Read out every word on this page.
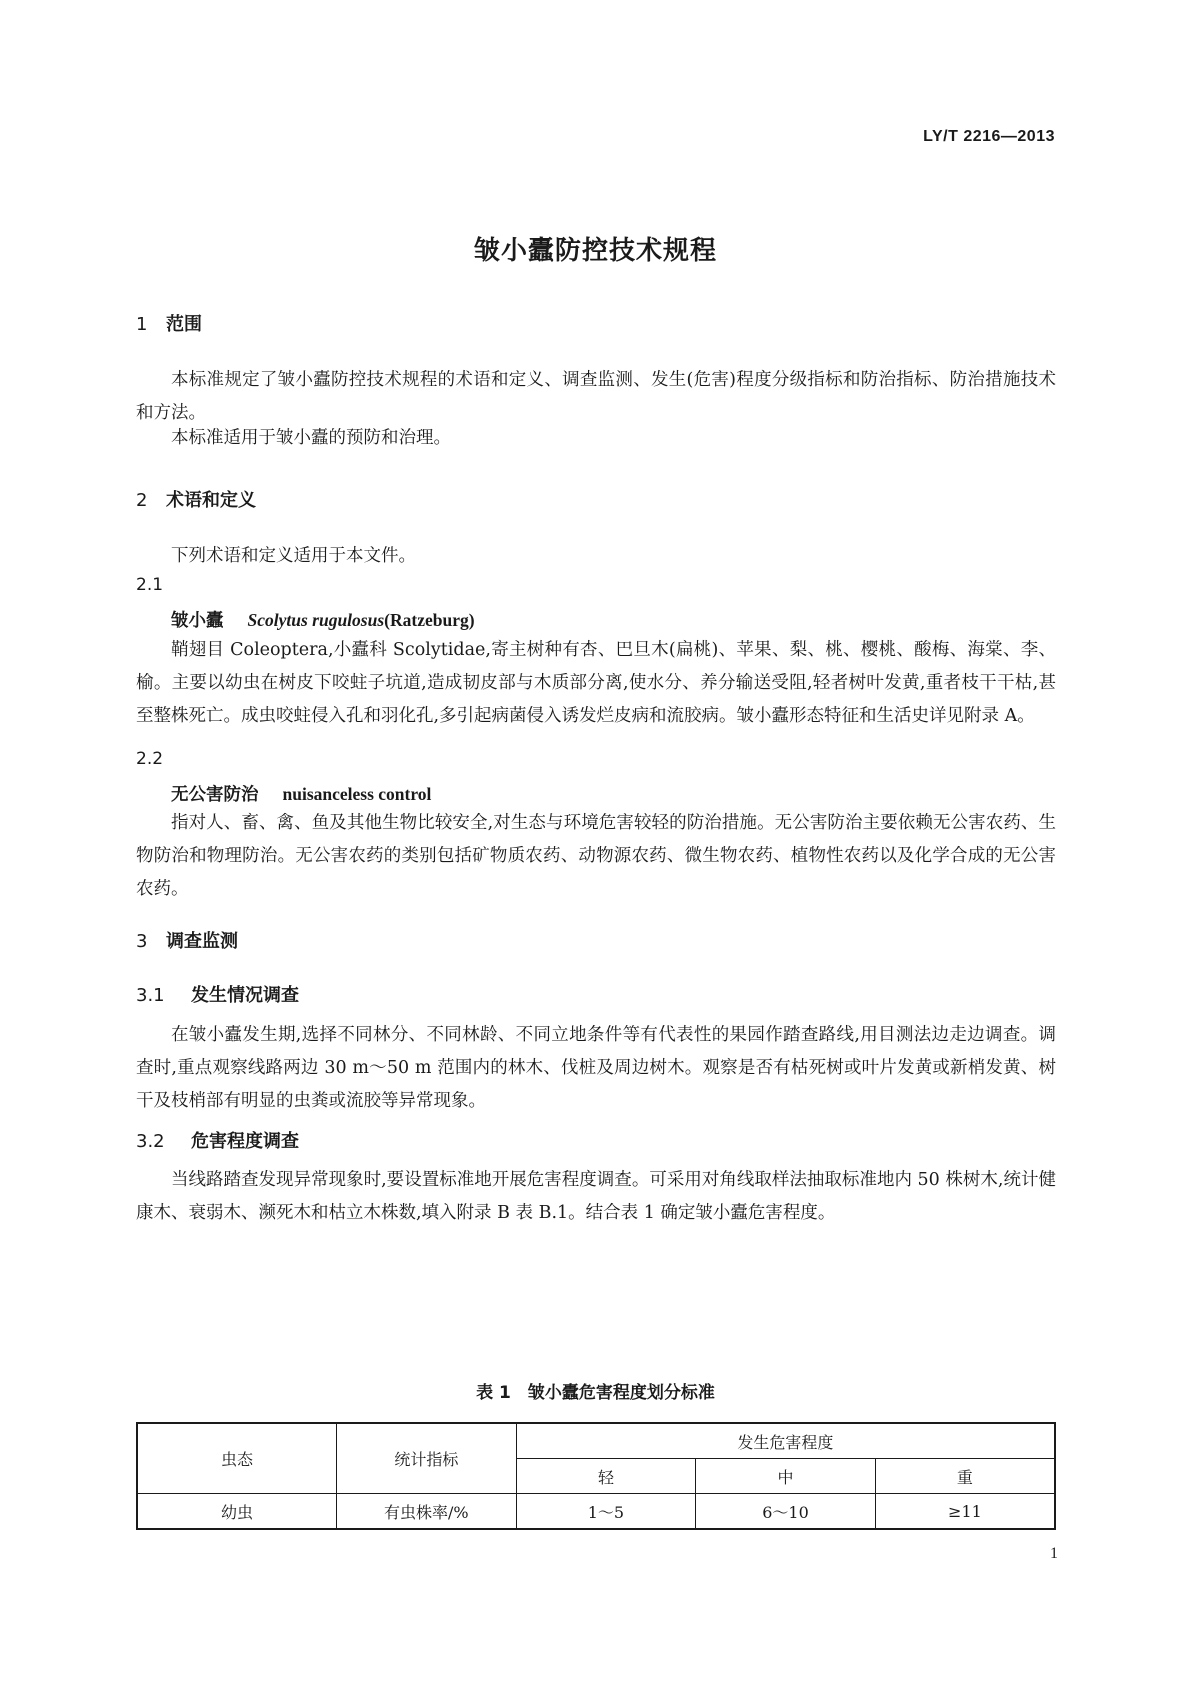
LY/T 2216—2013
皱小蠹防控技术规程
1 范围
本标准规定了皱小蠹防控技术规程的术语和定义、调查监测、发生(危害)程度分级指标和防治指标、防治措施技术和方法。
本标准适用于皱小蠹的预防和治理。
2 术语和定义
下列术语和定义适用于本文件。
2.1
皱小蠹 Scolytus rugulosus(Ratzeburg)
鞘翅目 Coleoptera,小蠹科 Scolytidae,寄主树种有杏、巴旦木(扁桃)、苹果、梨、桃、樱桃、酸梅、海棠、李、榆。主要以幼虫在树皮下咬蛀子坑道,造成韧皮部与木质部分离,使水分、养分输送受阻,轻者树叶发黄,重者枝干干枯,甚至整株死亡。成虫咬蛀侵入孔和羽化孔,多引起病菌侵入诱发烂皮病和流胶病。皱小蠹形态特征和生活史详见附录 A。
2.2
无公害防治 nuisanceless control
指对人、畜、禽、鱼及其他生物比较安全,对生态与环境危害较轻的防治措施。无公害防治主要依赖无公害农药、生物防治和物理防治。无公害农药的类别包括矿物质农药、动物源农药、微生物农药、植物性农药以及化学合成的无公害农药。
3 调查监测
3.1 发生情况调查
在皱小蠹发生期,选择不同林分、不同林龄、不同立地条件等有代表性的果园作踏查路线,用目测法边走边调查。调查时,重点观察线路两边 30 m～50 m 范围内的林木、伐桩及周边树木。观察是否有枯死树或叶片发黄或新梢发黄、树干及枝梢部有明显的虫粪或流胶等异常现象。
3.2 危害程度调查
当线路踏查发现异常现象时,要设置标准地开展危害程度调查。可采用对角线取样法抽取标准地内 50 株树木,统计健康木、衰弱木、濒死木和枯立木株数,填入附录 B 表 B.1。结合表 1 确定皱小蠹危害程度。
表 1　皱小蠹危害程度划分标准
虫态	统计指标	发生危害程度		
		轻	中	重
幼虫	有虫株率/%	1～5	6～10	≥11
1
